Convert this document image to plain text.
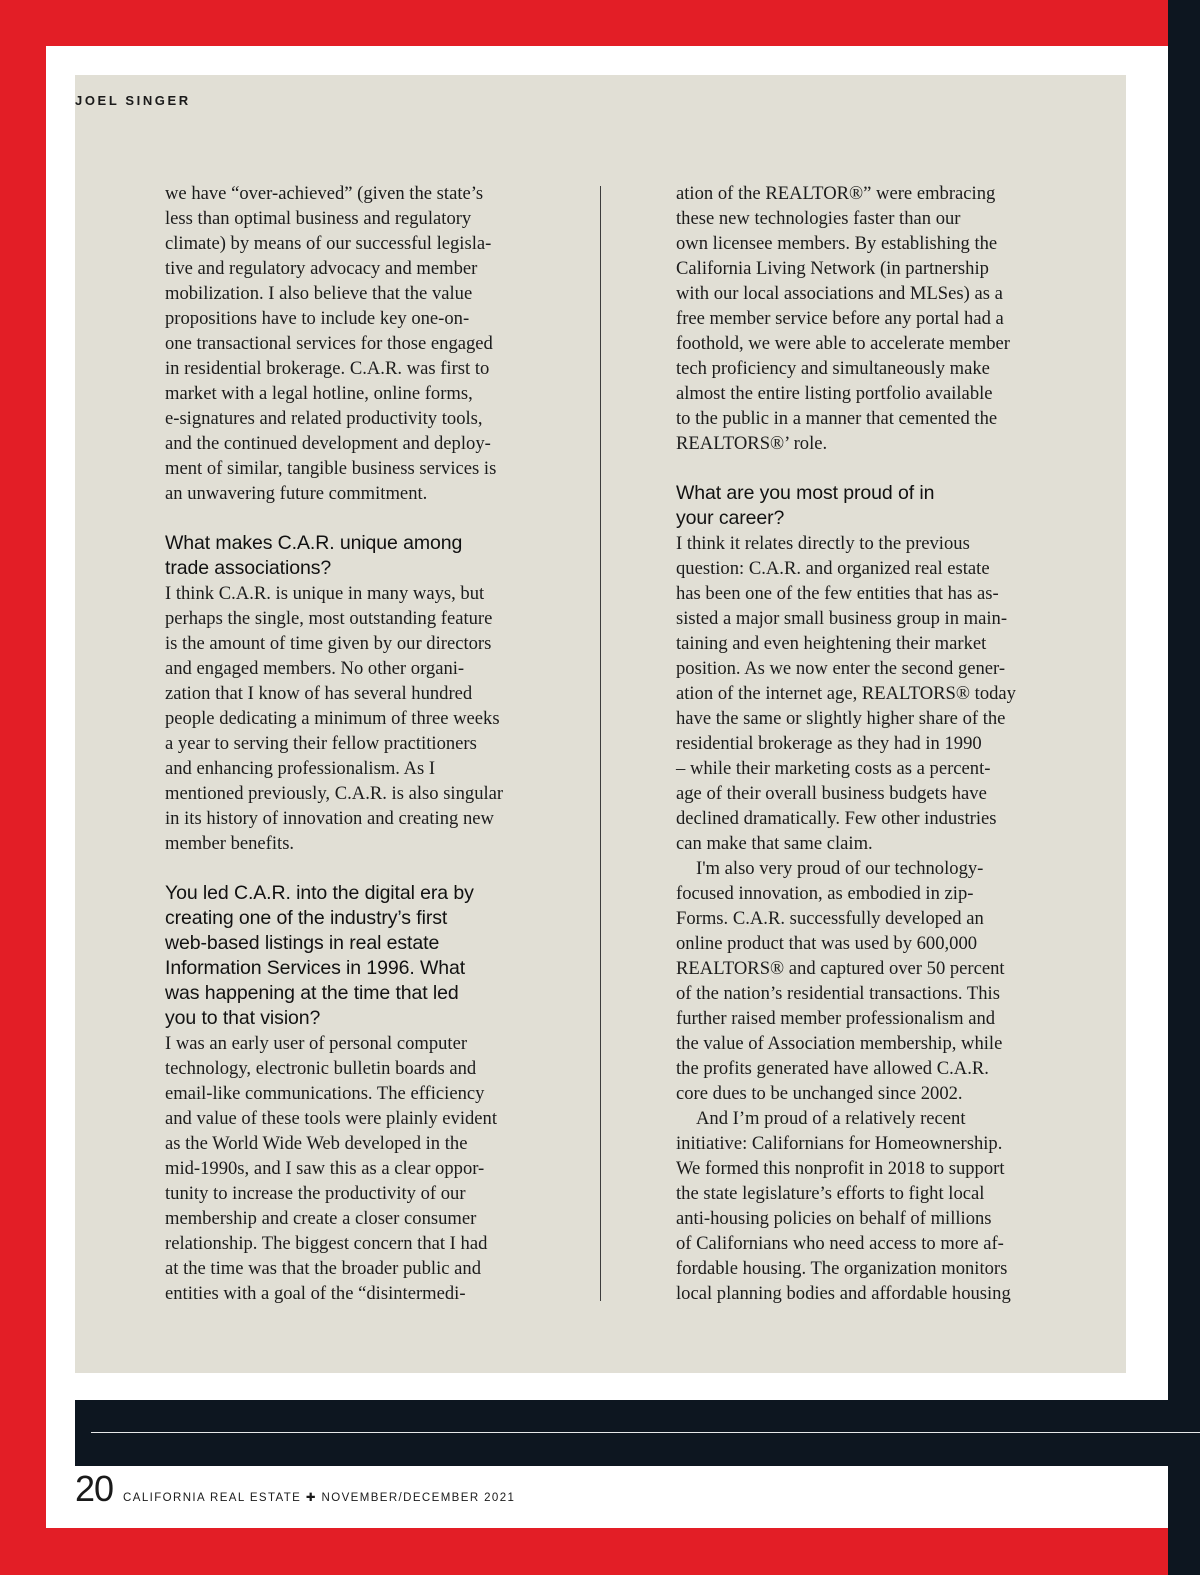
JOEL SINGER
we have “over-achieved” (given the state’s
less than optimal business and regulatory
climate) by means of our successful legisla-
tive and regulatory advocacy and member
mobilization. I also believe that the value
propositions have to include key one-on-
one transactional services for those engaged
in residential brokerage. C.A.R. was first to
market with a legal hotline, online forms,
e-signatures and related productivity tools,
and the continued development and deploy-
ment of similar, tangible business services is
an unwavering future commitment.
What makes C.A.R. unique among
trade associations?
I think C.A.R. is unique in many ways, but
perhaps the single, most outstanding feature
is the amount of time given by our directors
and engaged members. No other organi-
zation that I know of has several hundred
people dedicating a minimum of three weeks
a year to serving their fellow practitioners
and enhancing professionalism. As I
mentioned previously, C.A.R. is also singular
in its history of innovation and creating new
member benefits.
You led C.A.R. into the digital era by
creating one of the industry’s first
web-based listings in real estate
Information Services in 1996. What
was happening at the time that led
you to that vision?
I was an early user of personal computer
technology, electronic bulletin boards and
email-like communications. The efficiency
and value of these tools were plainly evident
as the World Wide Web developed in the
mid-1990s, and I saw this as a clear oppor-
tunity to increase the productivity of our
membership and create a closer consumer
relationship. The biggest concern that I had
at the time was that the broader public and
entities with a goal of the “disintermedi-
ation of the REALTOR®” were embracing
these new technologies faster than our
own licensee members. By establishing the
California Living Network (in partnership
with our local associations and MLSes) as a
free member service before any portal had a
foothold, we were able to accelerate member
tech proficiency and simultaneously make
almost the entire listing portfolio available
to the public in a manner that cemented the
REALTORS®’ role.
What are you most proud of in
your career?
I think it relates directly to the previous
question: C.A.R. and organized real estate
has been one of the few entities that has as-
sisted a major small business group in main-
taining and even heightening their market
position. As we now enter the second gener-
ation of the internet age, REALTORS® today
have the same or slightly higher share of the
residential brokerage as they had in 1990
– while their marketing costs as a percent-
age of their overall business budgets have
declined dramatically. Few other industries
can make that same claim.
I'm also very proud of our technology-
focused innovation, as embodied in zip-
Forms. C.A.R. successfully developed an
online product that was used by 600,000
REALTORS® and captured over 50 percent
of the nation’s residential transactions. This
further raised member professionalism and
the value of Association membership, while
the profits generated have allowed C.A.R.
core dues to be unchanged since 2002.
And I’m proud of a relatively recent
initiative: Californians for Homeownership.
We formed this nonprofit in 2018 to support
the state legislature’s efforts to fight local
anti-housing policies on behalf of millions
of Californians who need access to more af-
fordable housing. The organization monitors
local planning bodies and affordable housing
20 CALIFORNIA REAL ESTATE ✚ NOVEMBER/DECEMBER 2021
